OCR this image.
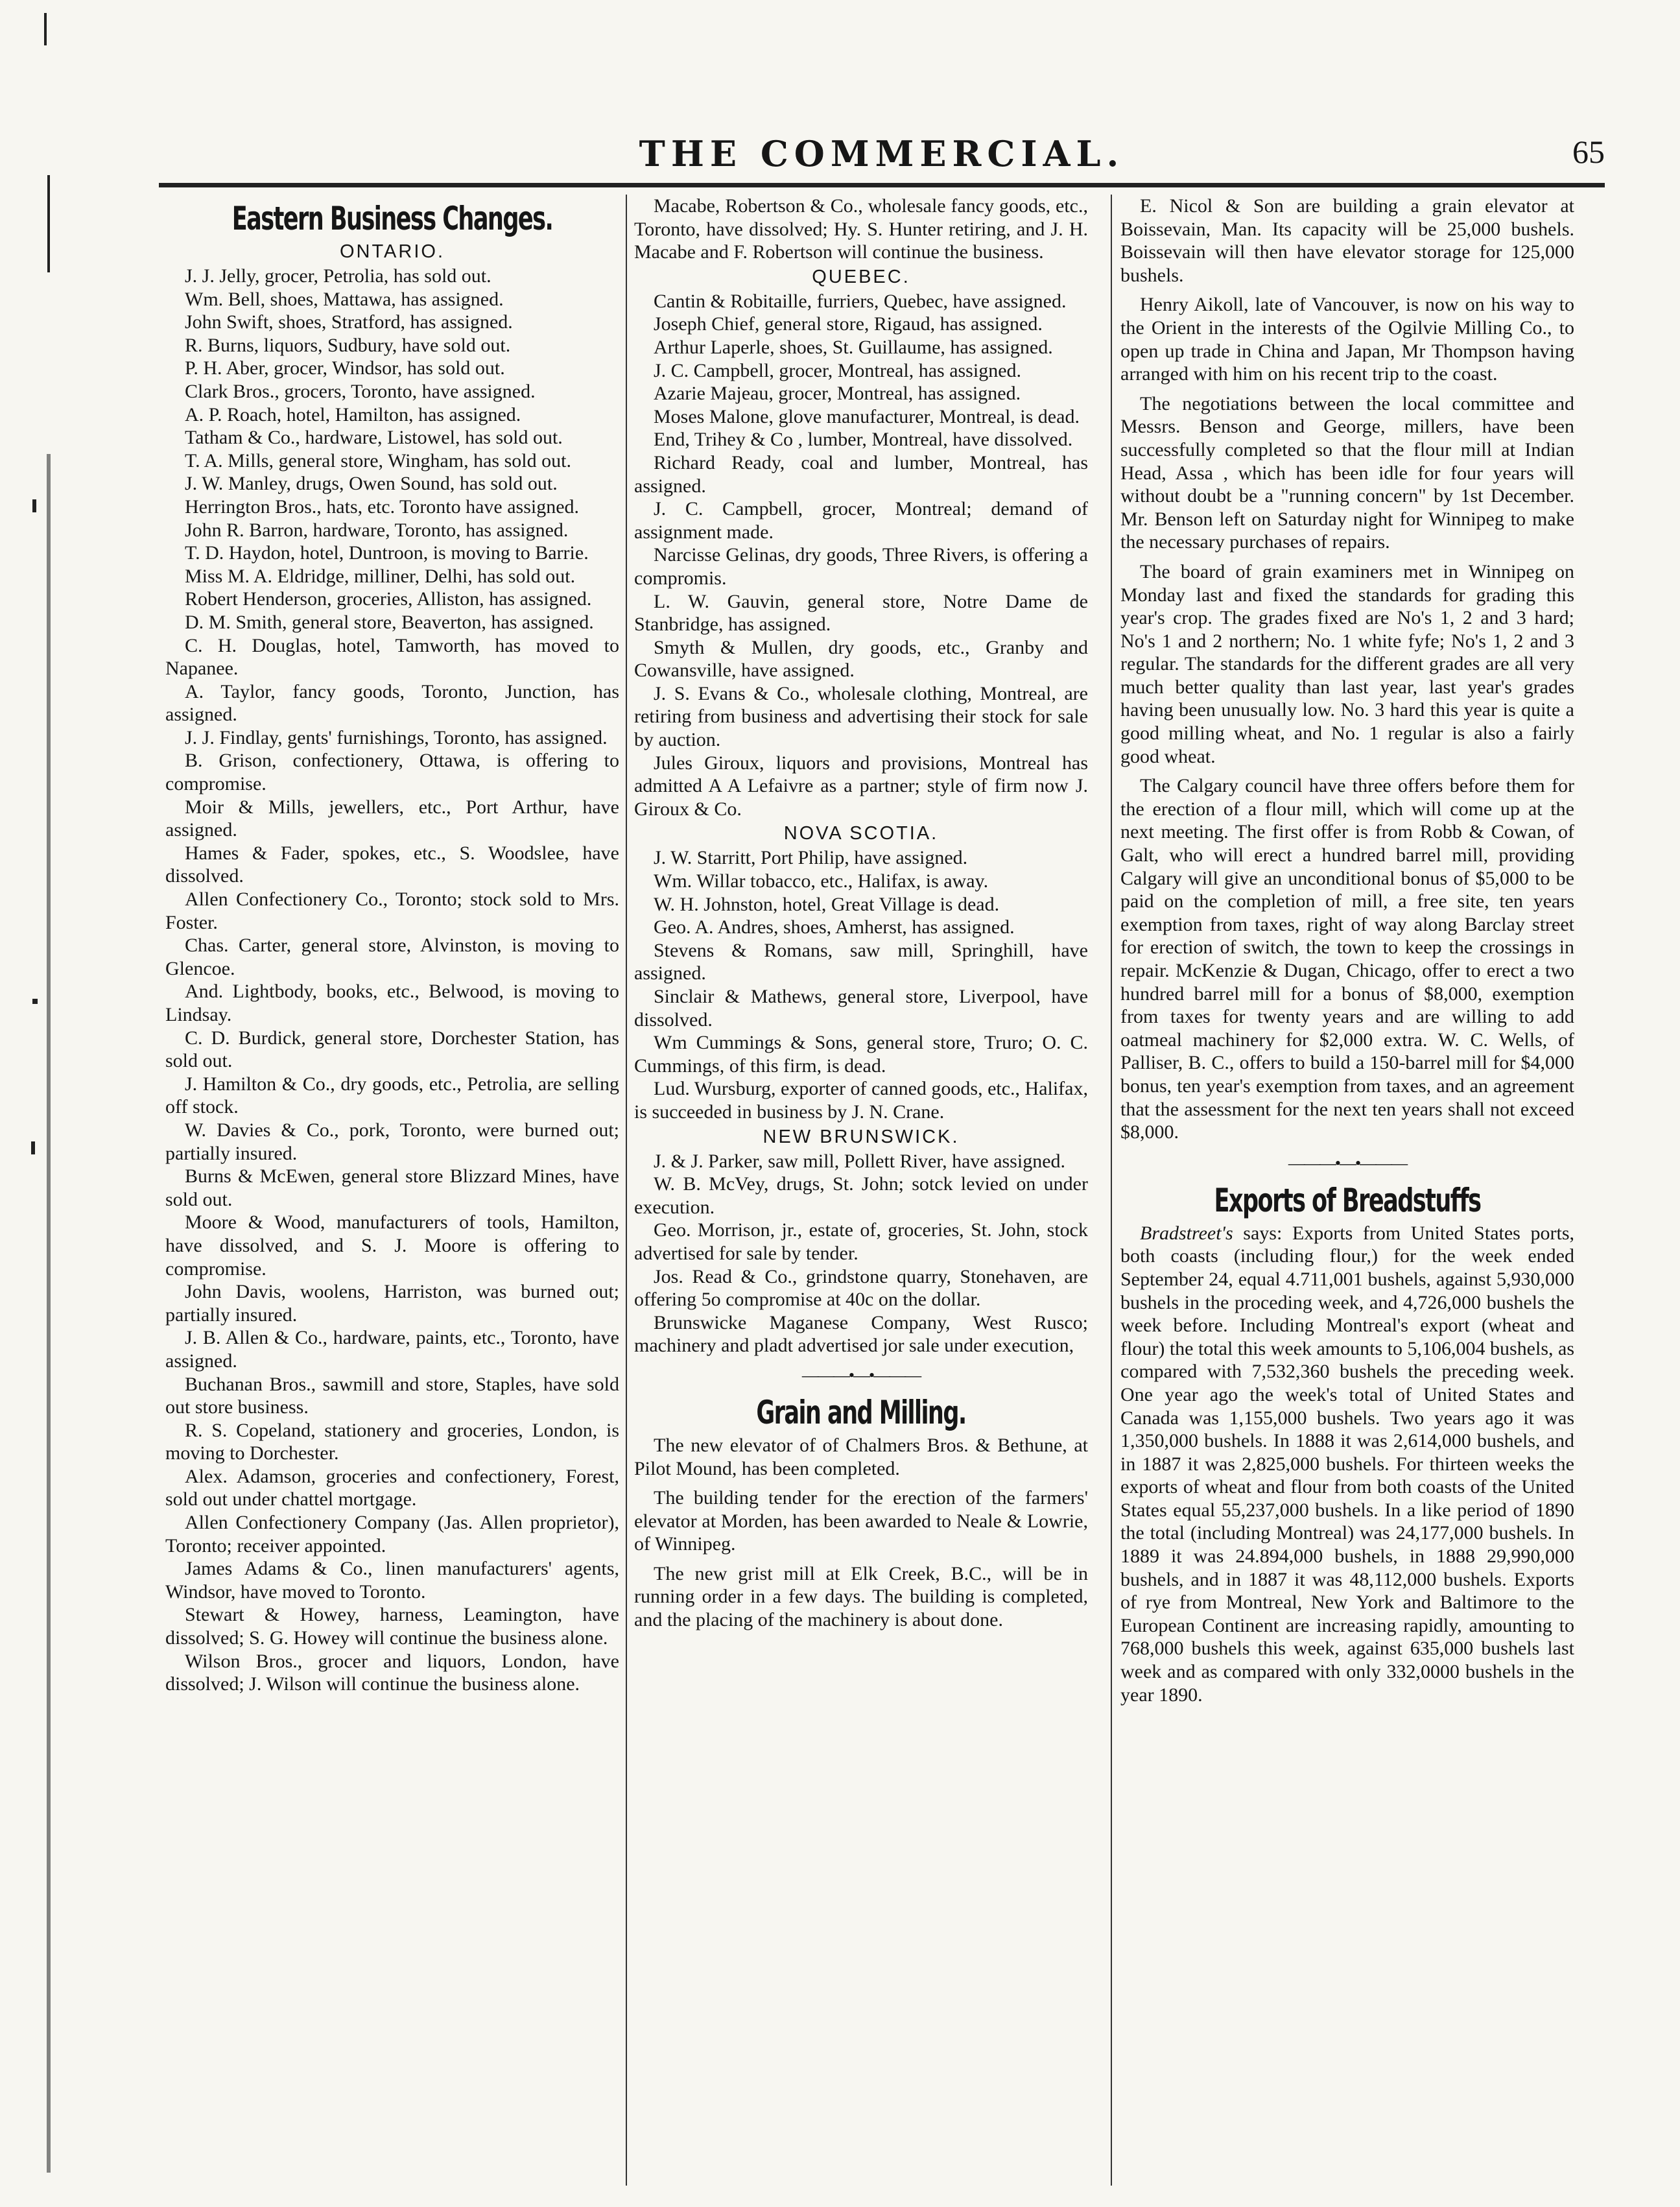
THE COMMERCIAL.	65
Eastern Business Changes.
ONTARIO.

J. J. Jelly, grocer, Petrolia, has sold out.

Wm. Bell, shoes, Mattawa, has assigned.

John Swift, shoes, Stratford, has assigned.

R. Burns, liquors, Sudbury, have sold out.

P. H. Aber, grocer, Windsor, has sold out.

Clark Bros., grocers, Toronto, have assigned.

A. P. Roach, hotel, Hamilton, has assigned.

Tatham & Co., hardware, Listowel, has sold out.

T. A. Mills, general store, Wingham, has sold out.

J. W. Manley, drugs, Owen Sound, has sold out.

Herrington Bros., hats, etc. Toronto have assigned.

John R. Barron, hardware, Toronto, has assigned.

T. D. Haydon, hotel, Duntroon, is moving to Barrie.

Miss M. A. Eldridge, milliner, Delhi, has sold out.

Robert Henderson, groceries, Alliston, has assigned.

D. M. Smith, general store, Beaverton, has assigned.

C. H. Douglas, hotel, Tamworth, has moved to Napanee.

A. Taylor, fancy goods, Toronto, Junction, has assigned.

J. J. Findlay, gents' furnishings, Toronto, has assigned.

B. Grison, confectionery, Ottawa, is offering to compromise.

Moir & Mills, jewellers, etc., Port Arthur, have assigned.

Hames & Fader, spokes, etc., S. Woodslee, have dissolved.

Allen Confectionery Co., Toronto; stock sold to Mrs. Foster.

Chas. Carter, general store, Alvinston, is moving to Glencoe.

And. Lightbody, books, etc., Belwood, is moving to Lindsay.

C. D. Burdick, general store, Dorchester Station, has sold out.

J. Hamilton & Co., dry goods, etc., Petrolia, are selling off stock.

W. Davies & Co., pork, Toronto, were burned out; partially insured.

Burns & McEwen, general store Blizzard Mines, have sold out.

Moore & Wood, manufacturers of tools, Hamilton, have dissolved, and S. J. Moore is offering to compromise.

John Davis, woolens, Harriston, was burned out; partially insured.

J. B. Allen & Co., hardware, paints, etc., Toronto, have assigned.

Buchanan Bros., sawmill and store, Staples, have sold out store business.

R. S. Copeland, stationery and groceries, London, is moving to Dorchester.

Alex. Adamson, groceries and confectionery, Forest, sold out under chattel mortgage.

Allen Confectionery Company (Jas. Allen proprietor), Toronto; receiver appointed.

James Adams & Co., linen manufacturers' agents, Windsor, have moved to Toronto.

Stewart & Howey, harness, Leamington, have dissolved; S. G. Howey will continue the business alone.

Wilson Bros., grocer and liquors, London, have dissolved; J. Wilson will continue the business alone.

Macabe, Robertson & Co., wholesale fancy goods, etc., Toronto, have dissolved; Hy. S. Hunter retiring, and J. H. Macabe and F. Robertson will continue the business.

QUEBEC.

Cantin & Robitaille, furriers, Quebec, have assigned.

Joseph Chief, general store, Rigaud, has assigned.

Arthur Laperle, shoes, St. Guillaume, has assigned.

J. C. Campbell, grocer, Montreal, has assigned.

Azarie Majeau, grocer, Montreal, has assigned.

Moses Malone, glove manufacturer, Montreal, is dead.

End, Trihey & Co , lumber, Montreal, have dissolved.

Richard Ready, coal and lumber, Montreal, has assigned.

J. C. Campbell, grocer, Montreal; demand of assignment made.

Narcisse Gelinas, dry goods, Three Rivers, is offering a compromis.

L. W. Gauvin, general store, Notre Dame de Stanbridge, has assigned.

Smyth & Mullen, dry goods, etc., Granby and Cowansville, have assigned.

J. S. Evans & Co., wholesale clothing, Montreal, are retiring from business and advertising their stock for sale by auction.

Jules Giroux, liquors and provisions, Montreal has admitted A A Lefaivre as a partner; style of firm now J. Giroux & Co.

NOVA SCOTIA.

J. W. Starritt, Port Philip, have assigned.

Wm. Willar tobacco, etc., Halifax, is away.

W. H. Johnston, hotel, Great Village is dead.

Geo. A. Andres, shoes, Amherst, has assigned.

Stevens & Romans, saw mill, Springhill, have assigned.

Sinclair & Mathews, general store, Liverpool, have dissolved.

Wm Cummings & Sons, general store, Truro; O. C. Cummings, of this firm, is dead.

Lud. Wursburg, exporter of canned goods, etc., Halifax, is succeeded in business by J. N. Crane.

NEW BRUNSWICK.

J. & J. Parker, saw mill, Pollett River, have assigned.

W. B. McVey, drugs, St. John; sotck levied on under execution.

Geo. Morrison, jr., estate of, groceries, St. John, stock advertised for sale by tender.

Jos. Read & Co., grindstone quarry, Stonehaven, are offering 5o compromise at 40c on the dollar.

Brunswicke Maganese Company, West Rusco; machinery and pladt advertised jor sale under execution,

———•—•———
Grain and Milling.

The new elevator of of Chalmers Bros. & Bethune, at Pilot Mound, has been completed.

The building tender for the erection of the farmers' elevator at Morden, has been awarded to Neale & Lowrie, of Winnipeg.

The new grist mill at Elk Creek, B.C., will be in running order in a few days. The building is completed, and the placing of the machinery is about done.

E. Nicol & Son are building a grain elevator at Boissevain, Man. Its capacity will be 25,000 bushels. Boissevain will then have elevator storage for 125,000 bushels.

Henry Aikoll, late of Vancouver, is now on his way to the Orient in the interests of the Ogilvie Milling Co., to open up trade in China and Japan, Mr Thompson having arranged with him on his recent trip to the coast.

The negotiations between the local committee and Messrs. Benson and George, millers, have been successfully completed so that the flour mill at Indian Head, Assa , which has been idle for four years will without doubt be a "running concern" by 1st December. Mr. Benson left on Saturday night for Winnipeg to make the necessary purchases of repairs.

The board of grain examiners met in Winnipeg on Monday last and fixed the standards for grading this year's crop. The grades fixed are No's 1, 2 and 3 hard; No's 1 and 2 northern; No. 1 white fyfe; No's 1, 2 and 3 regular. The standards for the different grades are all very much better quality than last year, last year's grades having been unusually low. No. 3 hard this year is quite a good milling wheat, and No. 1 regular is also a fairly good wheat.

The Calgary council have three offers before them for the erection of a flour mill, which will come up at the next meeting. The first offer is from Robb & Cowan, of Galt, who will erect a hundred barrel mill, providing Calgary will give an unconditional bonus of $5,000 to be paid on the completion of mill, a free site, ten years exemption from taxes, right of way along Barclay street for erection of switch, the town to keep the crossings in repair. McKenzie & Dugan, Chicago, offer to erect a two hundred barrel mill for a bonus of $8,000, exemption from taxes for twenty years and are willing to add oatmeal machinery for $2,000 extra. W. C. Wells, of Palliser, B. C., offers to build a 150-barrel mill for $4,000 bonus, ten year's exemption from taxes, and an agreement that the assessment for the next ten years shall not exceed $8,000.

———•—•———
Exports of Breadstuffs

Bradstreet's says: Exports from United States ports, both coasts (including flour,) for the week ended September 24, equal 4.711,001 bushels, against 5,930,000 bushels in the proceding week, and 4,726,000 bushels the week before. Including Montreal's export (wheat and flour) the total this week amounts to 5,106,004 bushels, as compared with 7,532,360 bushels the preceding week. One year ago the week's total of United States and Canada was 1,155,000 bushels. Two years ago it was 1,350,000 bushels. In 1888 it was 2,614,000 bushels, and in 1887 it was 2,825,000 bushels. For thirteen weeks the exports of wheat and flour from both coasts of the United States equal 55,237,000 bushels. In a like period of 1890 the total (including Montreal) was 24,177,000 bushels. In 1889 it was 24.894,000 bushels, in 1888 29,990,000 bushels, and in 1887 it was 48,112,000 bushels. Exports of rye from Montreal, New York and Baltimore to the European Continent are increasing rapidly, amounting to 768,000 bushels this week, against 635,000 bushels last week and as compared with only 332,0000 bushels in the year 1890.
